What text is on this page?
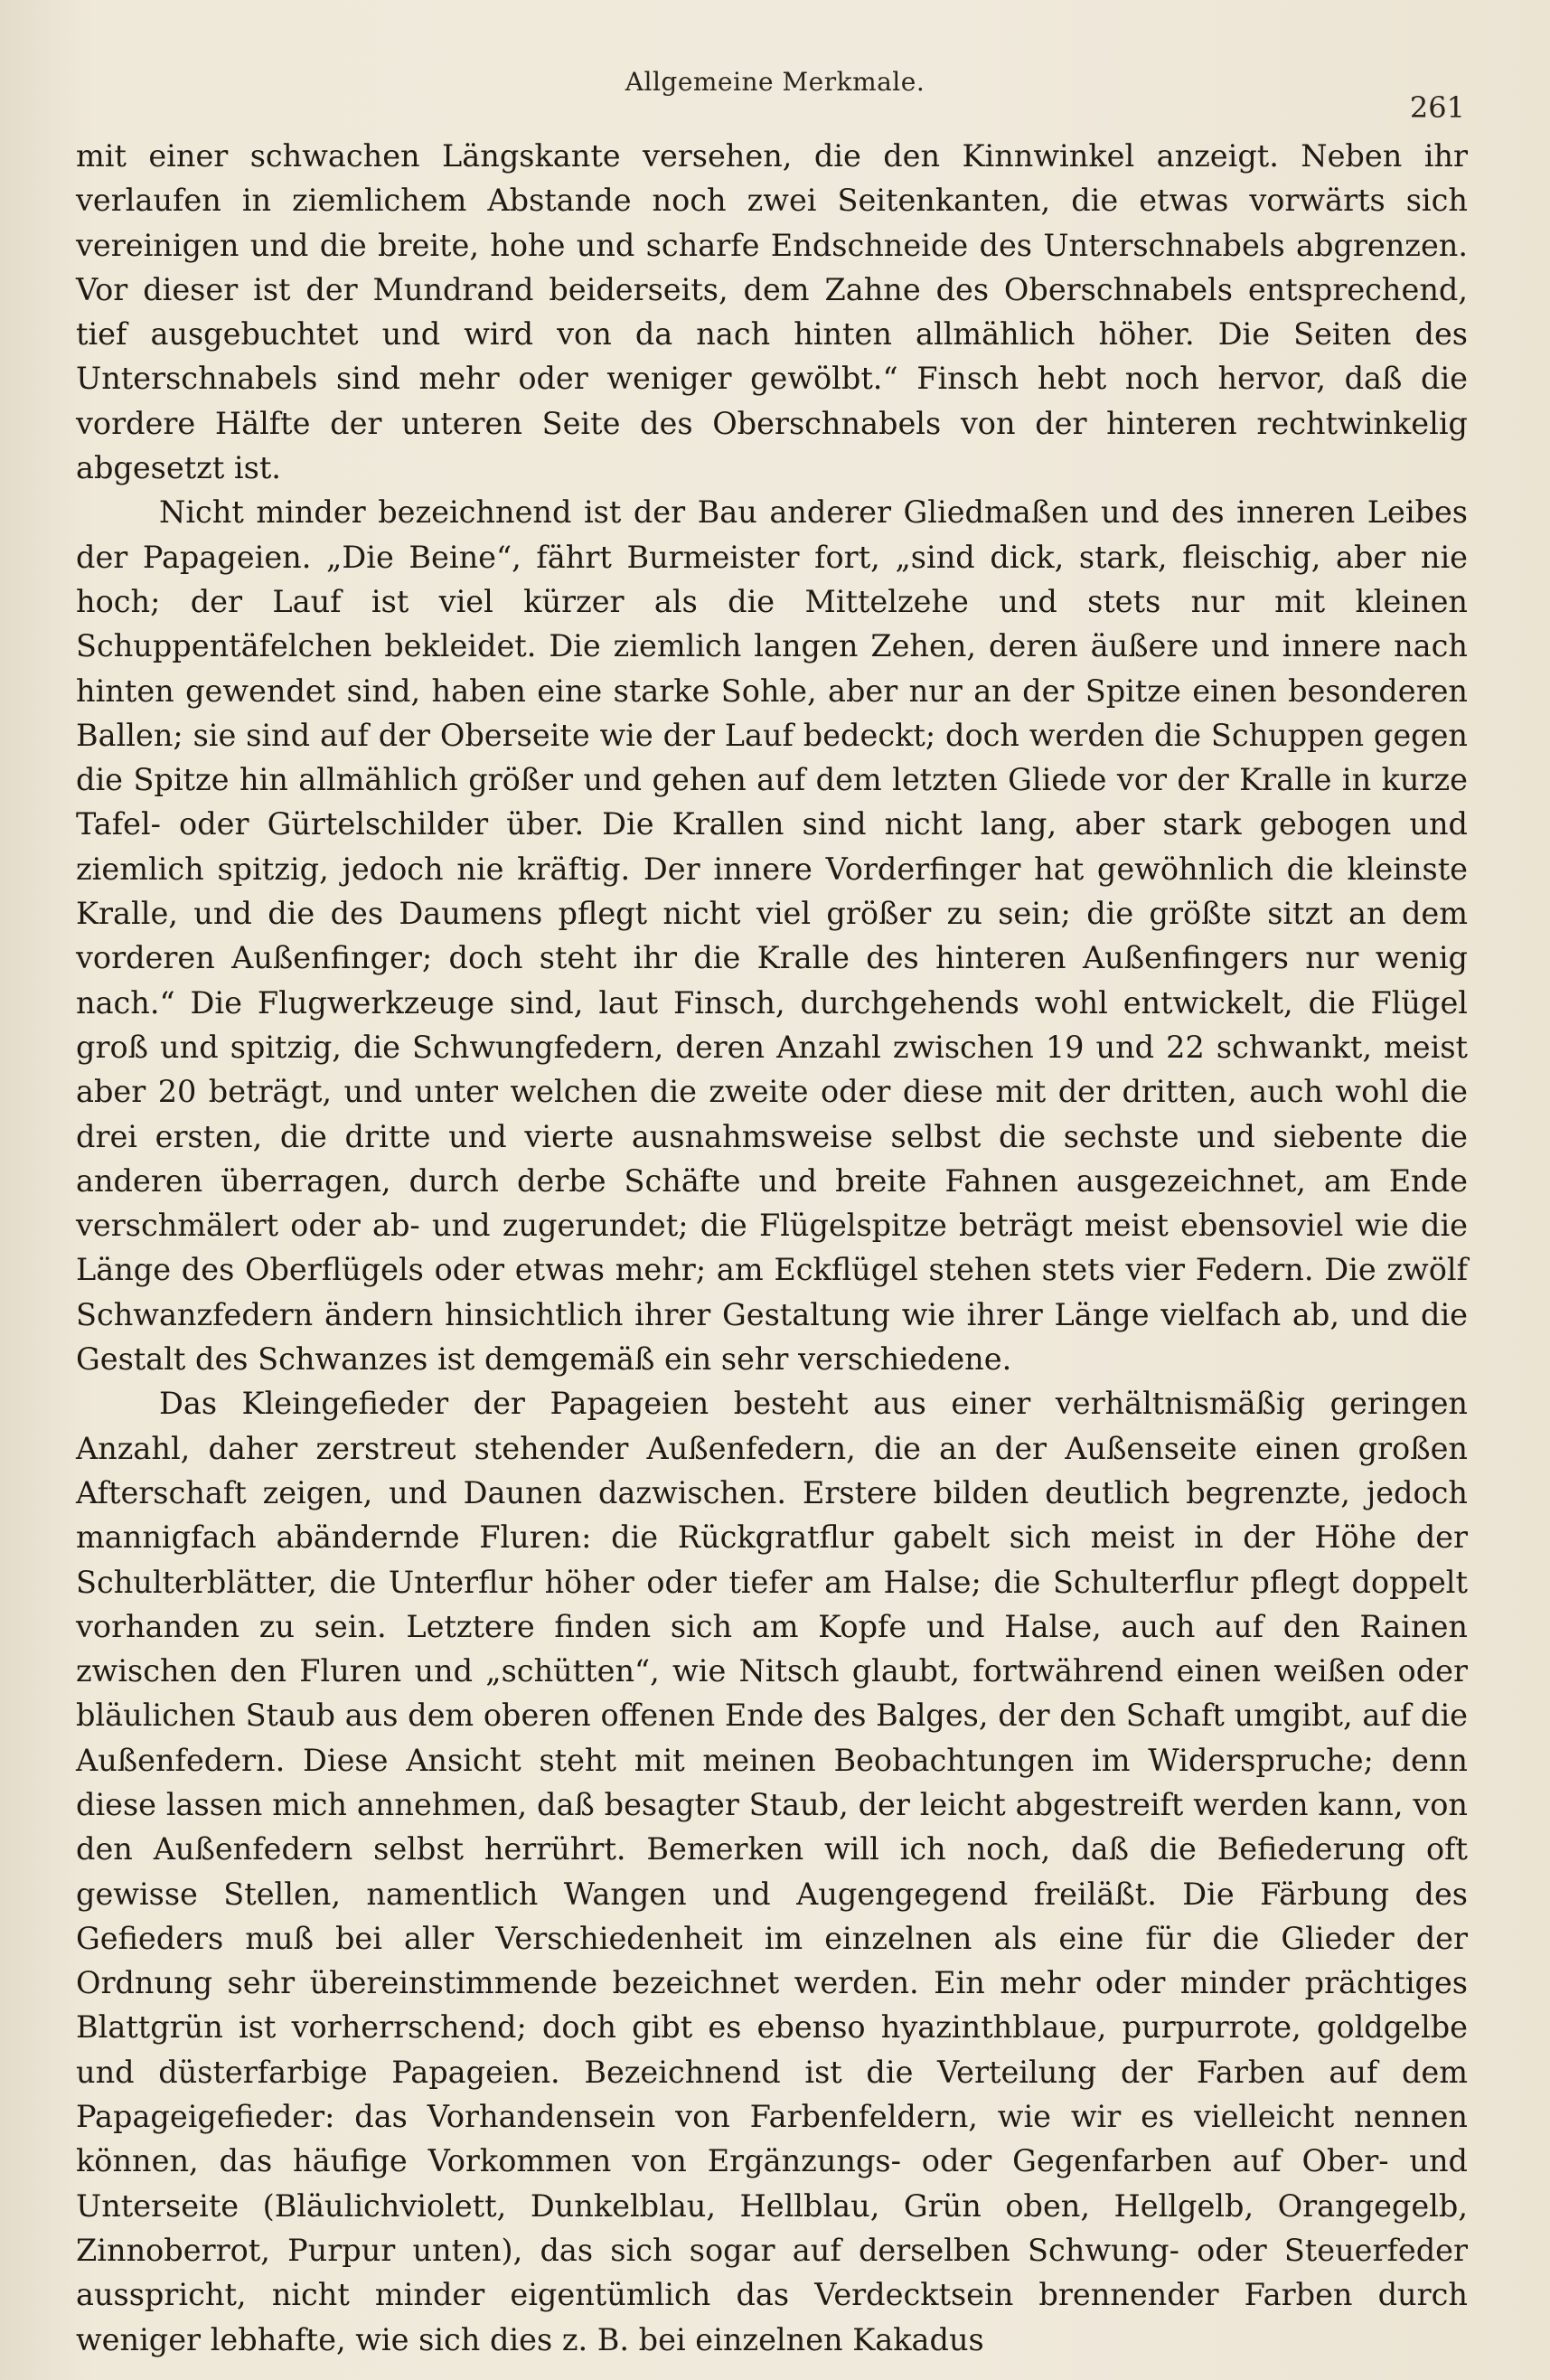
Allgemeine Merkmale.
261

mit einer schwachen Längskante versehen, die den Kinnwinkel anzeigt. Neben ihr verlaufen in ziemlichem Abstande noch zwei Seitenkanten, die etwas vorwärts sich vereinigen und die breite, hohe und scharfe Endschneide des Unterschnabels abgrenzen. Vor dieser ist der Mundrand beiderseits, dem Zahne des Oberschnabels entsprechend, tief ausgebuchtet und wird von da nach hinten allmählich höher. Die Seiten des Unterschnabels sind mehr oder weniger gewölbt.“ Finsch hebt noch hervor, daß die vordere Hälfte der unteren Seite des Oberschnabels von der hinteren rechtwinkelig abgesetzt ist.

Nicht minder bezeichnend ist der Bau anderer Gliedmaßen und des inneren Leibes der Papageien. „Die Beine“, fährt Burmeister fort, „sind dick, stark, fleischig, aber nie hoch; der Lauf ist viel kürzer als die Mittelzehe und stets nur mit kleinen Schuppentäfelchen bekleidet. Die ziemlich langen Zehen, deren äußere und innere nach hinten gewendet sind, haben eine starke Sohle, aber nur an der Spitze einen besonderen Ballen; sie sind auf der Oberseite wie der Lauf bedeckt; doch werden die Schuppen gegen die Spitze hin allmählich größer und gehen auf dem letzten Gliede vor der Kralle in kurze Tafel- oder Gürtelschilder über. Die Krallen sind nicht lang, aber stark gebogen und ziemlich spitzig, jedoch nie kräftig. Der innere Vorderfinger hat gewöhnlich die kleinste Kralle, und die des Daumens pflegt nicht viel größer zu sein; die größte sitzt an dem vorderen Außenfinger; doch steht ihr die Kralle des hinteren Außenfingers nur wenig nach.“ Die Flugwerkzeuge sind, laut Finsch, durchgehends wohl entwickelt, die Flügel groß und spitzig, die Schwungfedern, deren Anzahl zwischen 19 und 22 schwankt, meist aber 20 beträgt, und unter welchen die zweite oder diese mit der dritten, auch wohl die drei ersten, die dritte und vierte ausnahmsweise selbst die sechste und siebente die anderen überragen, durch derbe Schäfte und breite Fahnen ausgezeichnet, am Ende verschmälert oder ab- und zugerundet; die Flügelspitze beträgt meist ebensoviel wie die Länge des Oberflügels oder etwas mehr; am Eckflügel stehen stets vier Federn. Die zwölf Schwanzfedern ändern hinsichtlich ihrer Gestaltung wie ihrer Länge vielfach ab, und die Gestalt des Schwanzes ist demgemäß ein sehr verschiedene.

Das Kleingefieder der Papageien besteht aus einer verhältnismäßig geringen Anzahl, daher zerstreut stehender Außenfedern, die an der Außenseite einen großen Afterschaft zeigen, und Daunen dazwischen. Erstere bilden deutlich begrenzte, jedoch mannigfach abändernde Fluren: die Rückgratflur gabelt sich meist in der Höhe der Schulterblätter, die Unterflur höher oder tiefer am Halse; die Schulterflur pflegt doppelt vorhanden zu sein. Letztere finden sich am Kopfe und Halse, auch auf den Rainen zwischen den Fluren und „schütten“, wie Nitsch glaubt, fortwährend einen weißen oder bläulichen Staub aus dem oberen offenen Ende des Balges, der den Schaft umgibt, auf die Außenfedern. Diese Ansicht steht mit meinen Beobachtungen im Widerspruche; denn diese lassen mich annehmen, daß besagter Staub, der leicht abgestreift werden kann, von den Außenfedern selbst herrührt. Bemerken will ich noch, daß die Befiederung oft gewisse Stellen, namentlich Wangen und Augengegend freiläßt. Die Färbung des Gefieders muß bei aller Verschiedenheit im einzelnen als eine für die Glieder der Ordnung sehr übereinstimmende bezeichnet werden. Ein mehr oder minder prächtiges Blattgrün ist vorherrschend; doch gibt es ebenso hyazinthblaue, purpurrote, goldgelbe und düsterfarbige Papageien. Bezeichnend ist die Verteilung der Farben auf dem Papageigefieder: das Vorhandensein von Farbenfeldern, wie wir es vielleicht nennen können, das häufige Vorkommen von Ergänzungs- oder Gegenfarben auf Ober- und Unterseite (Bläulichviolett, Dunkelblau, Hellblau, Grün oben, Hellgelb, Orangegelb, Zinnoberrot, Purpur unten), das sich sogar auf derselben Schwung- oder Steuerfeder ausspricht, nicht minder eigentümlich das Verdecktsein brennender Farben durch weniger lebhafte, wie sich dies z. B. bei einzelnen Kakadus
